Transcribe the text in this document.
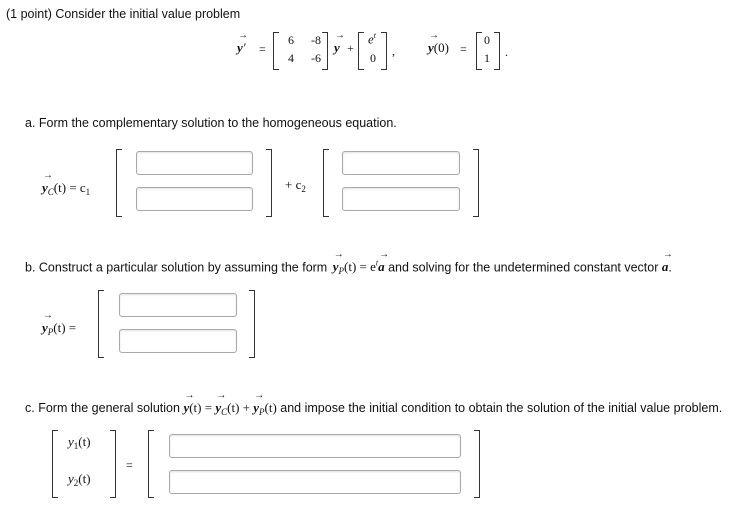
(1 point) Consider the initial value problem
→ y′ =
6	-8
4	-6
→ y +
$e^t$
0 ,	→ y(0) =
0
1 .
a. Form the complementary solution to the homogeneous equation.
→ $y_C(t) = c_1$	+ $c_2$
b. Construct a particular solution by assuming the form → $y_P(t) = e^t\to a$ and solving for the undetermined constant vector → a.
→ $y_P(t)$ =
c. Form the general solution → y(t) = → $y_C(t)$ + → $y_P(t)$ and impose the initial condition to obtain the solution of the initial value problem.
$y_1(t)$
$y_2(t)$
=
